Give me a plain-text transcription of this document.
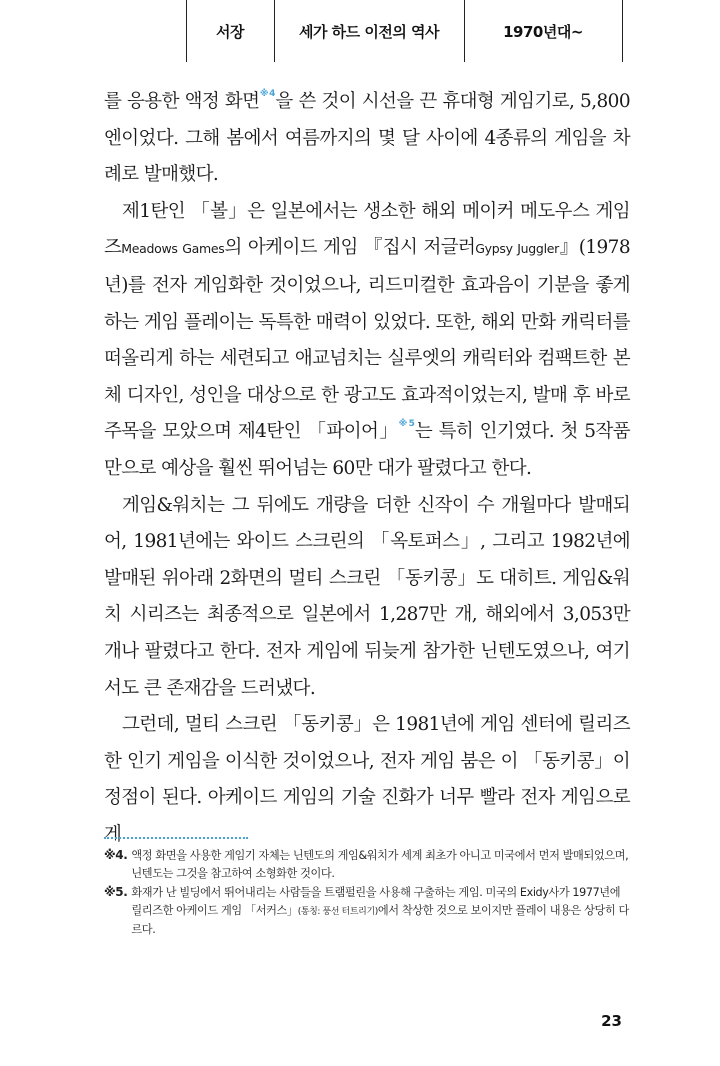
서장	세가 하드 이전의 역사	1970년대~

를 응용한 액정 화면$^{※4}$을 쓴 것이 시선을 끈 휴대형 게임기로, 5,800엔이었다. 그해 봄에서 여름까지의 몇 달 사이에 4종류의 게임을 차례로 발매했다.

제1탄인 「볼」은 일본에서는 생소한 해외 메이커 메도우스 게임즈Meadows Games의 아케이드 게임 『집시 저글러Gypsy Juggler』(1978년)를 전자 게임화한 것이었으나, 리드미컬한 효과음이 기분을 좋게하는 게임 플레이는 독특한 매력이 있었다. 또한, 해외 만화 캐릭터를 떠올리게 하는 세련되고 애교넘치는 실루엣의 캐릭터와 컴팩트한 본체 디자인, 성인을 대상으로 한 광고도 효과적이었는지, 발매 후 바로 주목을 모았으며 제4탄인 「파이어」$^{※5}$는 특히 인기였다. 첫 5작품 만으로 예상을 훨씬 뛰어넘는 60만 대가 팔렸다고 한다.

게임&워치는 그 뒤에도 개량을 더한 신작이 수 개월마다 발매되어, 1981년에는 와이드 스크린의 「옥토퍼스」, 그리고 1982년에 발매된 위아래 2화면의 멀티 스크린 「동키콩」도 대히트. 게임&워치 시리즈는 최종적으로 일본에서 1,287만 개, 해외에서 3,053만 개나 팔렸다고 한다. 전자 게임에 뒤늦게 참가한 닌텐도였으나, 여기서도 큰 존재감을 드러냈다.

그런데, 멀티 스크린 「동키콩」은 1981년에 게임 센터에 릴리즈한 인기 게임을 이식한 것이었으나, 전자 게임 붐은 이 「동키콩」이 정점이 된다. 아케이드 게임의 기술 진화가 너무 빨라 전자 게임으로 게

※4. 액정 화면을 사용한 게임기 자체는 닌텐도의 게임&워치가 세계 최초가 아니고 미국에서 먼저 발매되었으며, 닌텐도는 그것을 참고하여 소형화한 것이다.
※5. 화재가 난 빌딩에서 뛰어내리는 사람들을 트램펄린을 사용해 구출하는 게임. 미국의 Exidy사가 1977년에 릴리즈한 아케이드 게임 「서커스」(통칭: 풍선 터트리기)에서 착상한 것으로 보이지만 플레이 내용은 상당히 다르다.
23
